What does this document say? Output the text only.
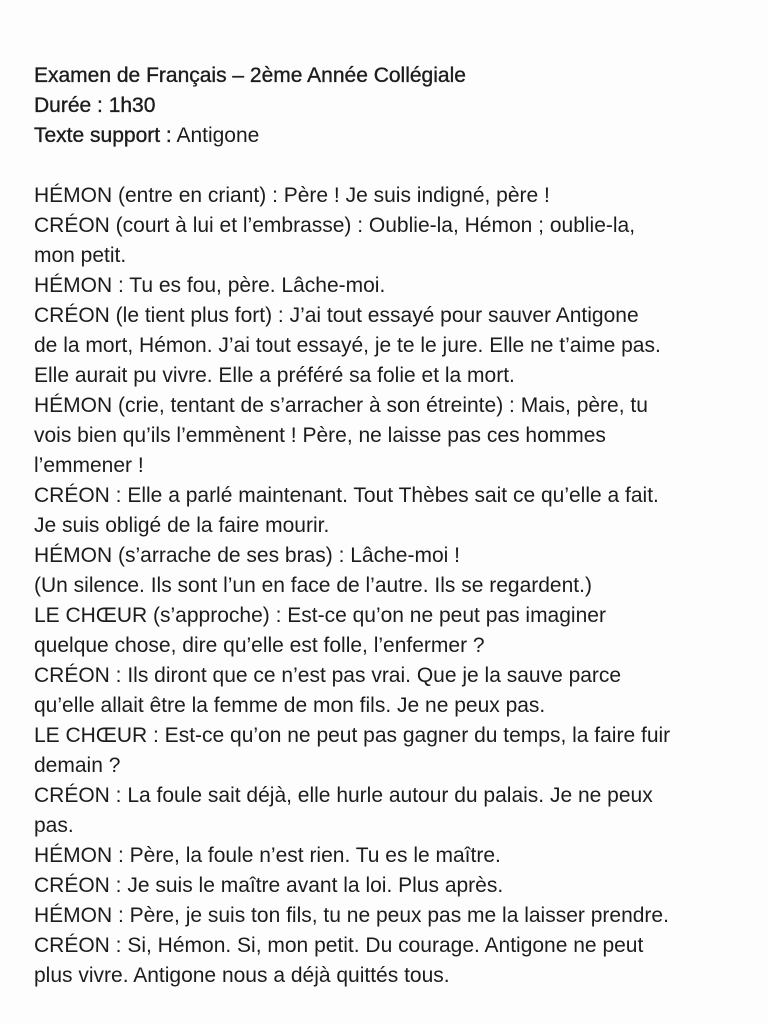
Examen de Français – 2ème Année Collégiale

Durée : 1h30

Texte support : Antigone

HÉMON (entre en criant) : Père ! Je suis indigné, père !

CRÉON (court à lui et l’embrasse) : Oublie-la, Hémon ; oublie-la,

mon petit.

HÉMON : Tu es fou, père. Lâche-moi.

CRÉON (le tient plus fort) : J’ai tout essayé pour sauver Antigone

de la mort, Hémon. J’ai tout essayé, je te le jure. Elle ne t’aime pas.

Elle aurait pu vivre. Elle a préféré sa folie et la mort.

HÉMON (crie, tentant de s’arracher à son étreinte) : Mais, père, tu

vois bien qu’ils l’emmènent ! Père, ne laisse pas ces hommes

l’emmener !

CRÉON : Elle a parlé maintenant. Tout Thèbes sait ce qu’elle a fait.

Je suis obligé de la faire mourir.

HÉMON (s’arrache de ses bras) : Lâche-moi !

(Un silence. Ils sont l’un en face de l’autre. Ils se regardent.)

LE CHŒUR (s’approche) : Est-ce qu’on ne peut pas imaginer

quelque chose, dire qu’elle est folle, l’enfermer ?

CRÉON : Ils diront que ce n’est pas vrai. Que je la sauve parce

qu’elle allait être la femme de mon fils. Je ne peux pas.

LE CHŒUR : Est-ce qu’on ne peut pas gagner du temps, la faire fuir

demain ?

CRÉON : La foule sait déjà, elle hurle autour du palais. Je ne peux

pas.

HÉMON : Père, la foule n’est rien. Tu es le maître.

CRÉON : Je suis le maître avant la loi. Plus après.

HÉMON : Père, je suis ton fils, tu ne peux pas me la laisser prendre.

CRÉON : Si, Hémon. Si, mon petit. Du courage. Antigone ne peut

plus vivre. Antigone nous a déjà quittés tous.
